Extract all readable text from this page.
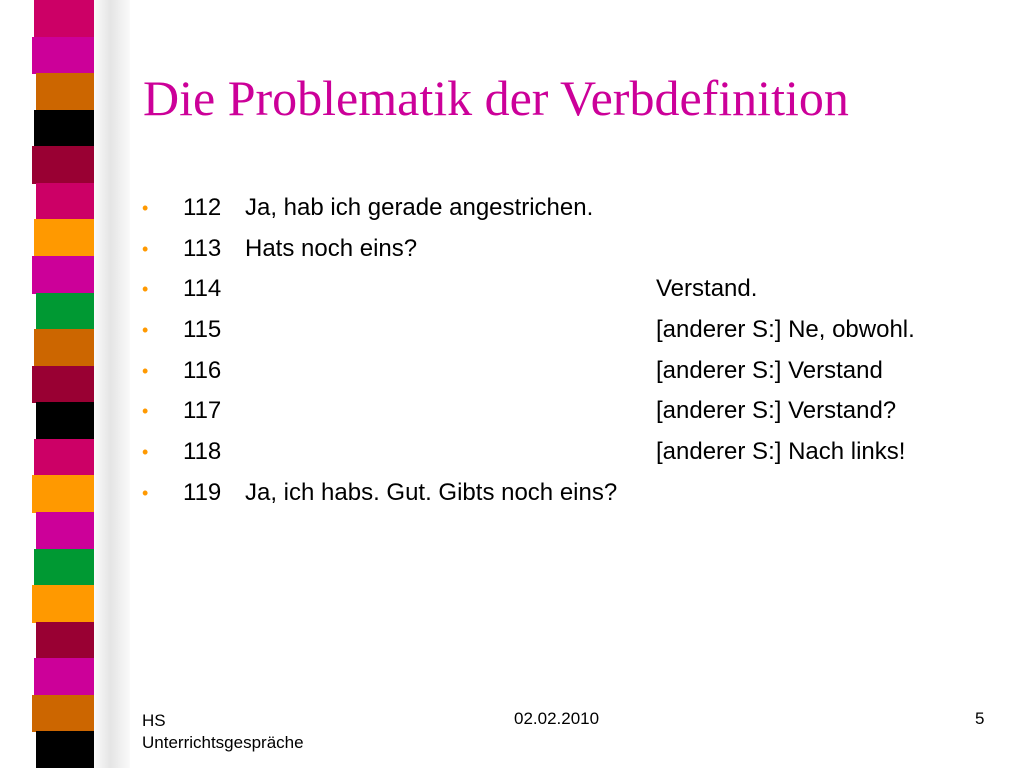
Die Problematik der Verbdefinition
• 112 Ja, hab ich gerade angestrichen.
• 113 Hats noch eins?
• 114	Verstand.
• 115	[anderer S:] Ne, obwohl.
• 116	[anderer S:] Verstand
• 117	[anderer S:] Verstand?
• 118	[anderer S:] Nach links!
• 119 Ja, ich habs. Gut. Gibts noch eins?
HS
Unterrichtsgespräche
02.02.2010	5
